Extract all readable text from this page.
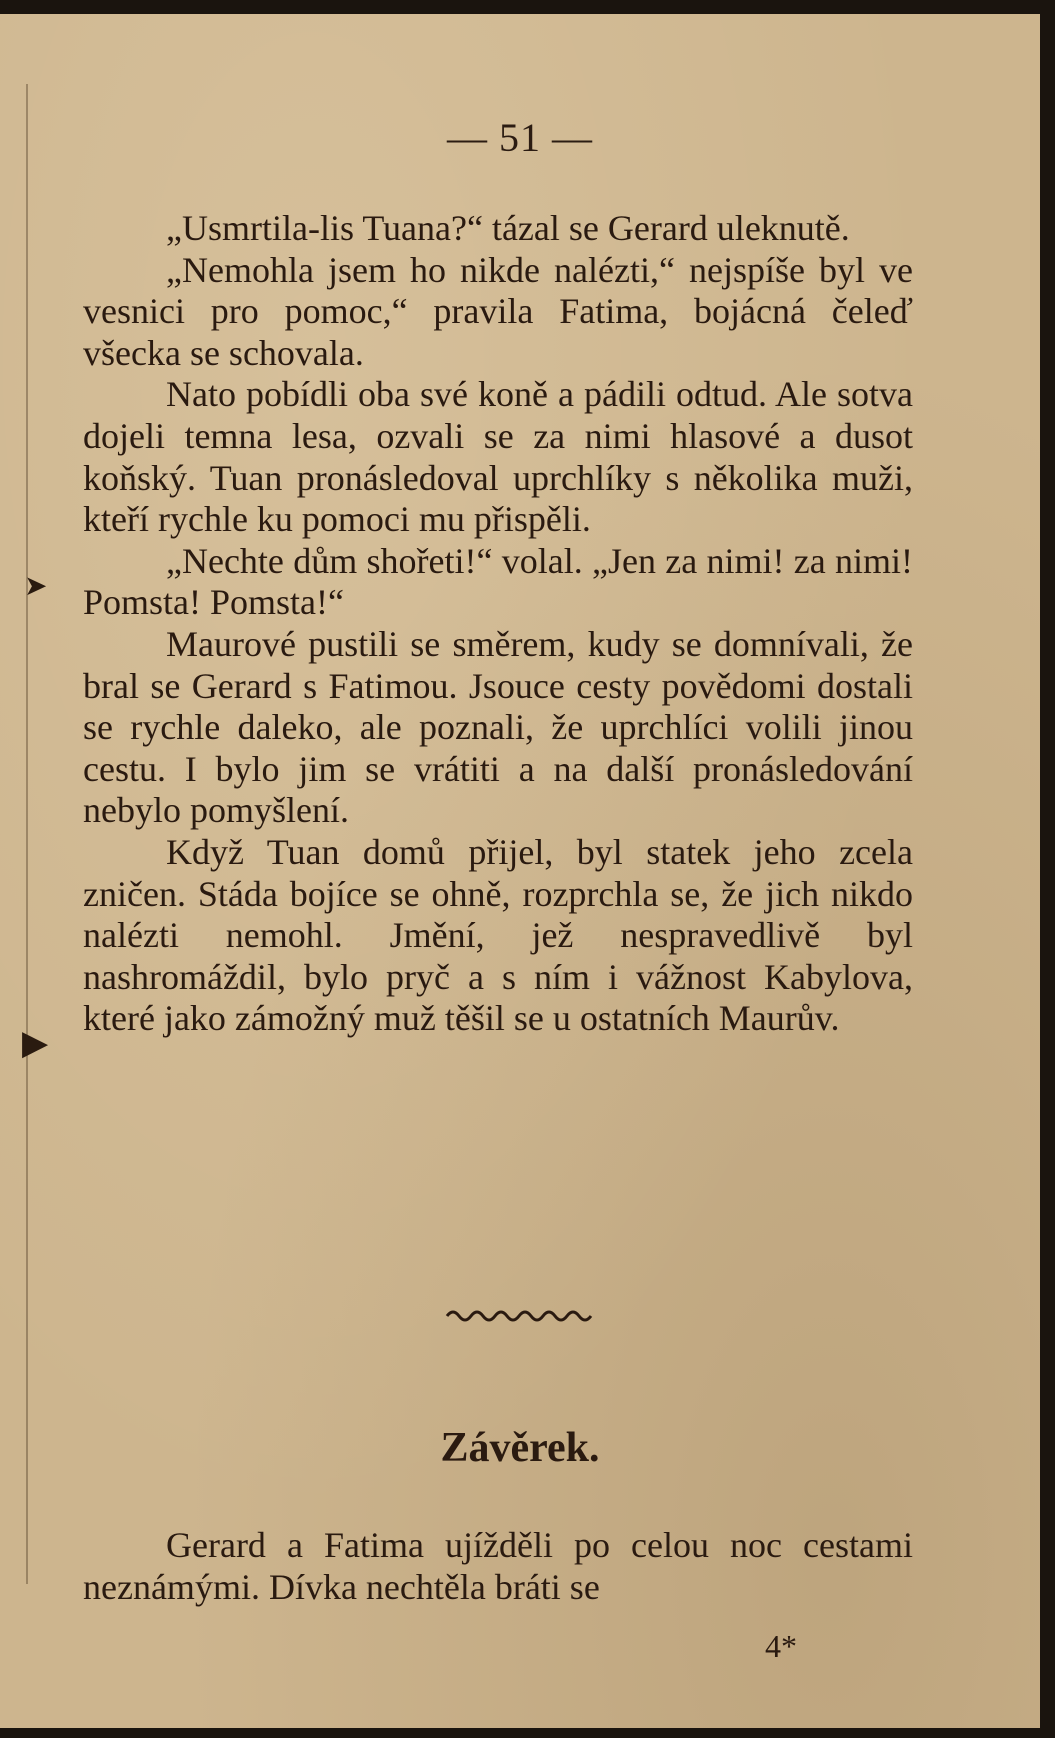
➤
▶
— 51 —

„Usmrtila-lis Tuana?“ tázal se Gerard uleknutě.

„Nemohla jsem ho nikde nalézti,“ nejspíše byl ve vesnici pro pomoc,“ pravila Fatima, bojácná čeleď všecka se schovala.

Nato pobídli oba své koně a pádili odtud. Ale sotva dojeli temna lesa, ozvali se za nimi hlasové a dusot koňský. Tuan pronásledoval uprchlíky s několika muži, kteří rychle ku pomoci mu přispěli.

„Nechte dům shořeti!“ volal. „Jen za nimi! za nimi! Pomsta! Pomsta!“

Maurové pustili se směrem, kudy se domnívali, že bral se Gerard s Fatimou. Jsouce cesty povědomi dostali se rychle daleko, ale poznali, že uprchlíci volili jinou cestu. I bylo jim se vrátiti a na další pronásledování nebylo pomyšlení.

Když Tuan domů přijel, byl statek jeho zcela zničen. Stáda bojíce se ohně, rozprchla se, že jich nikdo nalézti nemohl. Jmění, jež nespravedlivě byl nashromáždil, bylo pryč a s ním i vážnost Kabylova, které jako zámožný muž těšil se u ostatních Maurův.

Závěrek.

Gerard a Fatima ujížděli po celou noc cestami neznámými. Dívka nechtěla bráti se

4*
